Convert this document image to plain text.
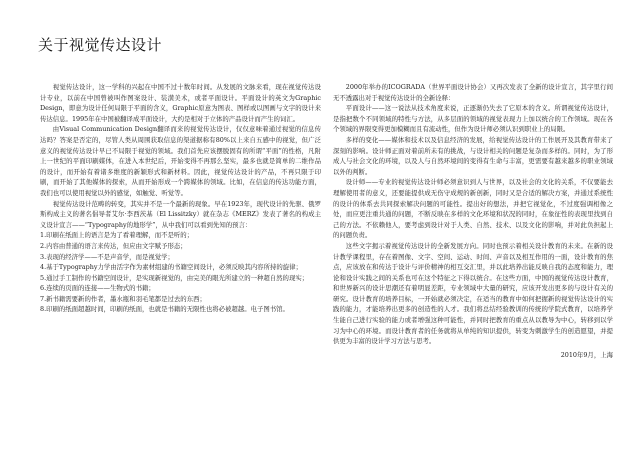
关于视觉传达设计

视觉传达设计，这一学科的兴起在中国不过十数年时间。从发展的文脉来看，现在视觉传达设计专业，以前在中国曾被叫作图案设计、装潢美术，或者平面设计。平面设计的英文为Graphic Design，即意为设计任何局限于平面的含义，Graphic原意为图表、图样或以图画与文字的设计来传达信息。1995年在中国被翻译成平面设计，大约是相对于立体的产品设计而产生的词汇。

由Visual Communication Design翻译而来的视觉传达设计，仅仅意味着通过视觉的信息传达吗？答案是否定的，尽管人类从周围获取信息的渠道据称有80%以上来自五感中的视觉，但广泛意义的视觉传达设计早已不局限于视觉的领域。我们首先应该摆脱固有的所谓“平面”的性格，凡附上一世纪的平面印刷媒体，在进入本世纪后，开始变得不再那么坚实，最多也就是简单的二维作品的设计，而开始有着诸多维度的新颖形式和新材料。因此，视觉传达设计的产品，不再只限于印刷，而开始了其他媒体的探索，从而开始形成一个跨媒体的领域。比如，在信息的传达功能方面，我们也可以使用视觉以外的感觉，如触觉、听觉等。

视觉传达设计范畴的转变，其实并不是一个最新的现象。早在1923年，现代设计的先驱、俄罗斯构成主义的著名倡导者艾尔·李西茨基（El Lissitzky）就在杂志《MERZ》发表了著名的构成主义设计宣言——“Typography的地形学”，从中我们可以看到先知的预言：

1.印刷在纸面上的语言是为了看着理解，而不是听的；
2.内容由普通的语言来传达，但应由文字赋予形态；
3.表现的经济学——不是声音学，而是视觉学；
4.基于Typography力学由活字作为素材组建的书籍空间设计，必须反映其内容所持的旋律；
5.通过手工制作的书籍空间设计，是实现新视觉的，由完美的眼光所建立的一种超自然的现实；
6.连续的页面的连接——生物式的书籍；
7.新书籍需要新的作者，墨水瓶和羽毛笔都是过去的东西；
8.印刷的纸面超越时间，印刷的纸面，也就是书籍的无限性也将必被超越。电子图书馆。

2000年举办的ICOGRADA（世界平面设计协会）又再次发表了全新的设计宣言，其字里行间无不透露出对于视觉传达设计的全新诠释：

平面设计——这一说法从技术角度来说，正逐渐仍失去了它原本的含义。所谓视觉传达设计，是指把数个不同领域的特性与方法，从多层面的领域的视觉表现力上加以统合的工作领域。现在各个领域的界限变得更加模糊而且有流动性，但作为设计师必须认识到职业上的局限。

多样的变化——媒体和技术以及信息经济的发展，给视觉传达设计的工作展开及其教育带来了深刻的影响。设计师正面对着前所未有的挑战，与设计相关的问题是复杂而多样的。同时，为了形成人与社会文化的环境，以及人与自然环境间的变得有生命与丰富，更需要有越来越多的职业领域以外的判断。

设计师——专业的视觉传达设计师必须意识到人与世界，以及社会的文化的关系，不仅要能去理解使用者的意义，还要能提供成无伤守成规的新创新，同时又是合适的解决方案，并通过系统性的设计的体系去共同探索解决问题的可能性。提出好的想法，并把它视觉化，不过度强调相像之处，而应更注重共通的问题，不断反映在多样的文化环境和状况的同时，在象征性的表现里找到自己的方法。不依赖他人，要考虑到设计对于人类、自然、技术、以及文化的影响，并对此负担起上的问题负责。

这些文字揭示着视觉传达设计的全新发展方向。同时也预示着相关设计教育的未来。在新的设计教学课程里，存在着图像、文字、空间、运动、时间、声音以及相互作用的一面，设计教育的焦点，应该放在和传达于设计与评价精神的相互交汇里，并以此培养出能反映自我的态度和能力，理论和设计实践之间的关系也可在这个特征之下得以统合。在这些方面，中国的视觉传达设计教育，和世界新兴的设计思潮还有着明显差距，专业领域中大量的研究，应该开发出更多的与设计有关的研究。设计教育的培养目标，一开始就必须决定，在适当的教育中如何把握新的视觉传达设计的实践的能力，才能培养出更多的创造性的人才。我们将总结经验教训的传统的学院式教育，以培养学生能自己进行实验的能力或者增强这种可能性，并同时把教育的重点从以教导为中心，转移到以学习为中心的环境。而设计教育者的任务就将从单纯的知识提供，转变为刺激学生的创造愿望，并提供更为丰富的设计学习方法与思考。

2010年9月，上海
